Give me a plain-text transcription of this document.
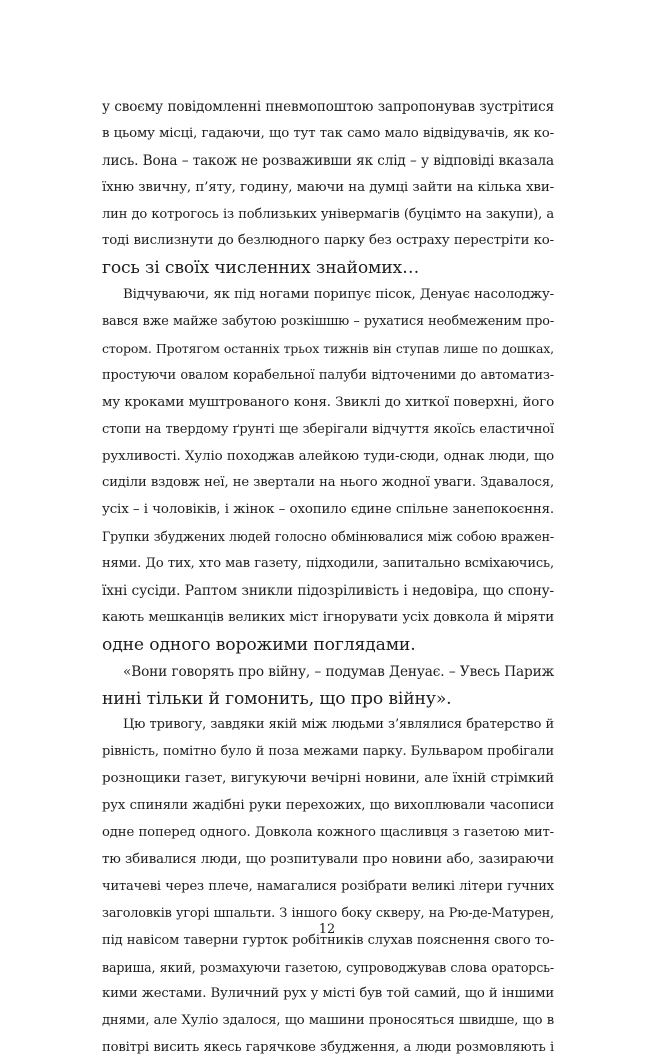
у своєму повідомленні пневмопоштою запропонував зустрітися
в цьому місці, гадаючи, що тут так само мало відвідувачів, як ко-
лись. Вона – також не розваживши як слід – у відповіді вказала
їхню звичну, п’яту, годину, маючи на думці зайти на кілька хви-
лин до котрогось із поблизьких універмагів (буцімто на закупи), а
тоді вислизнути до безлюдного парку без остраху перестріти ко-
гось зі своїх численних знайомих…
Відчуваючи, як під ногами порипує пісок, Денуає насолоджу-
вався вже майже забутою розкішшю – рухатися необмеженим про-
стором. Протягом останніх трьох тижнів він ступав лише по дошках,
простуючи овалом корабельної палуби відточеними до автоматиз-
му кроками муштрованого коня. Звиклі до хиткої поверхні, його
стопи на твердому ґрунті ще зберігали відчуття якоїсь еластичної
рухливості. Хуліо походжав алейкою туди-сюди, однак люди, що
сиділи вздовж неї, не звертали на нього жодної уваги. Здавалося,
усіх – і чоловіків, і жінок – охопило єдине спільне занепокоєння.
Групки збуджених людей голосно обмінювалися між собою вражен-
нями. До тих, хто мав газету, підходили, запитально всміхаючись,
їхні сусіди. Раптом зникли підозріливість і недовіра, що спону-
кають мешканців великих міст ігнорувати усіх довкола й міряти
одне одного ворожими поглядами.
«Вони говорять про війну, – подумав Денуає. – Увесь Париж
нині тільки й гомонить, що про війну».
Цю тривогу, завдяки якій між людьми з’являлися братерство й
рівність, помітно було й поза межами парку. Бульваром пробігали
рознощики газет, вигукуючи вечірні новини, але їхній стрімкий
рух спиняли жадібні руки перехожих, що вихоплювали часописи
одне поперед одного. Довкола кожного щасливця з газетою мит-
тю збивалися люди, що розпитували про новини або, зазираючи
читачеві через плече, намагалися розібрати великі літери гучних
заголовків угорі шпальти. З іншого боку скверу, на Рю-де-Матурен,
під навісом таверни гурток робітників слухав пояснення свого то-
вариша, який, розмахуючи газетою, супроводжував слова ораторсь-
кими жестами. Вуличний рух у місті був той самий, що й іншими
днями, але Хуліо здалося, що машини проносяться швидше, що в
повітрі висить якесь гарячкове збудження, а люди розмовляють і
12
